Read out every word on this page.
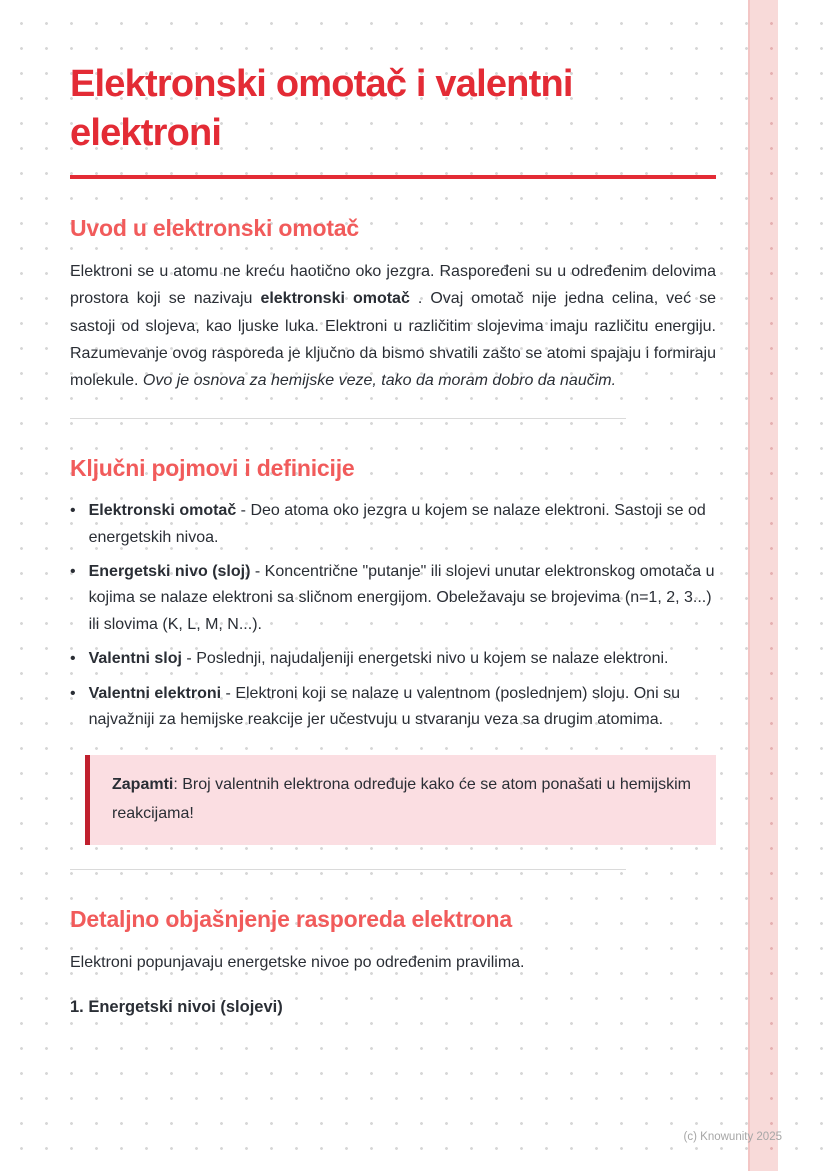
Elektronski omotač i valentni elektroni
Uvod u elektronski omotač
Elektroni se u atomu ne kreću haotično oko jezgra. Raspoređeni su u određenim delovima prostora koji se nazivaju elektronski omotač . Ovaj omotač nije jedna celina, već se sastoji od slojeva, kao ljuske luka. Elektroni u različitim slojevima imaju različitu energiju. Razumevanje ovog rasporeda je ključno da bismo shvatili zašto se atomi spajaju i formiraju molekule. Ovo je osnova za hemijske veze, tako da moram dobro da naučim.
Ključni pojmovi i definicije
• Elektronski omotač - Deo atoma oko jezgra u kojem se nalaze elektroni. Sastoji se od energetskih nivoa.
• Energetski nivo (sloj) - Koncentrične "putanje" ili slojevi unutar elektronskog omotača u kojima se nalaze elektroni sa sličnom energijom. Obeležavaju se brojevima (n=1, 2, 3...) ili slovima (K, L, M, N...).
• Valentni sloj - Poslednji, najudaljeniji energetski nivo u kojem se nalaze elektroni.
• Valentni elektroni - Elektroni koji se nalaze u valentnom (poslednjem) sloju. Oni su najvažniji za hemijske reakcije jer učestvuju u stvaranju veza sa drugim atomima.
Zapamti: Broj valentnih elektrona određuje kako će se atom ponašati u hemijskim reakcijama!
Detaljno objašnjenje rasporeda elektrona

Elektroni popunjavaju energetske nivoe po određenim pravilima.

1. Energetski nivoi (slojevi)
(c) Knowunity 2025
